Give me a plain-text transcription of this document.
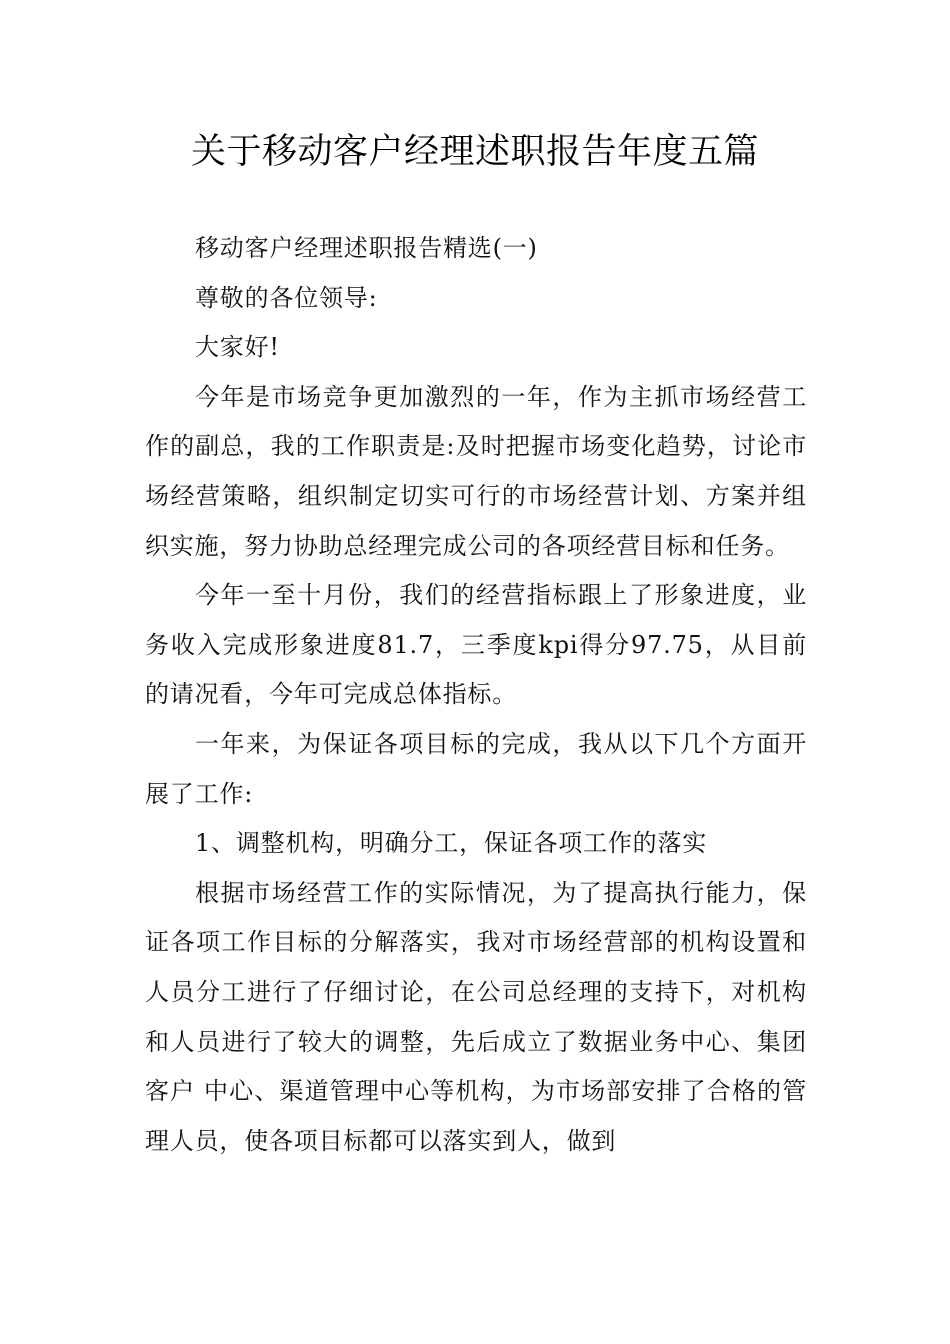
关于移动客户经理述职报告年度五篇

移动客户经理述职报告精选(一)

尊敬的各位领导:

大家好!

今年是市场竞争更加激烈的一年，作为主抓市场经营工作的副总，我的工作职责是:及时把握市场变化趋势，讨论市场经营策略，组织制定切实可行的市场经营计划、方案并组织实施，努力协助总经理完成公司的各项经营目标和任务。

今年一至十月份，我们的经营指标跟上了形象进度，业务收入完成形象进度81.7，三季度kpi得分97.75，从目前的请况看，今年可完成总体指标。

一年来，为保证各项目标的完成，我从以下几个方面开展了工作:

1、调整机构，明确分工，保证各项工作的落实

根据市场经营工作的实际情况，为了提高执行能力，保证各项工作目标的分解落实，我对市场经营部的机构设置和人员分工进行了仔细讨论，在公司总经理的支持下，对机构和人员进行了较大的调整，先后成立了数据业务中心、集团 客户 中心、渠道管理中心等机构，为市场部安排了合格的管理人员，使各项目标都可以落实到人，做到
